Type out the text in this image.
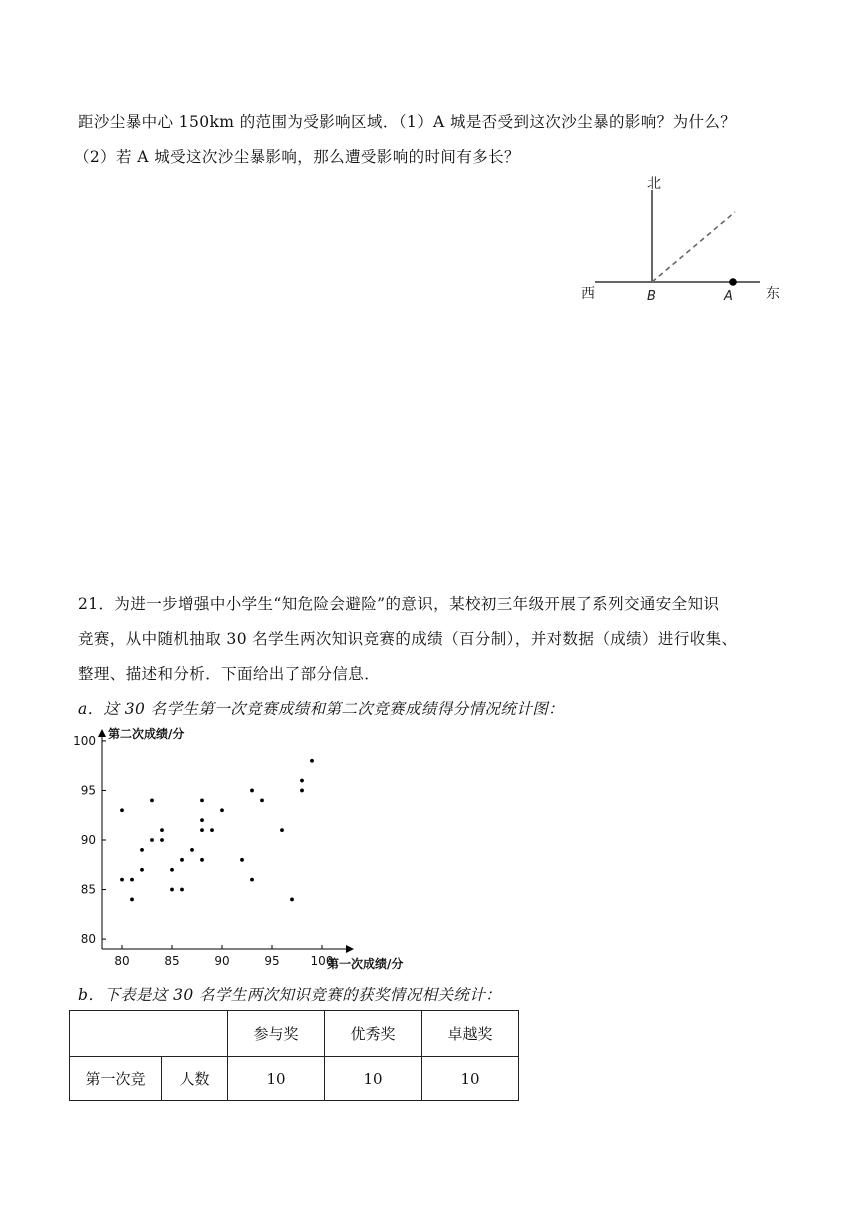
距沙尘暴中心 150km 的范围为受影响区域．（1）A 城是否受到这次沙尘暴的影响？为什么？
（2）若 A 城受这次沙尘暴影响，那么遭受影响的时间有多长？
北
西	东
B	A
21．为进一步增强中小学生“知危险会避险”的意识，某校初三年级开展了系列交通安全知识
竞赛，从中随机抽取 30 名学生两次知识竞赛的成绩（百分制），并对数据（成绩）进行收集、
整理、描述和分析．下面给出了部分信息．
a．这 30 名学生第一次竞赛成绩和第二次竞赛成绩得分情况统计图：
第二次成绩/分
第一次成绩/分
80	85	90	95	100
80
85
90
95
100
b．下表是这 30 名学生两次知识竞赛的获奖情况相关统计：
		参与奖	优秀奖	卓越奖
第一次竞	人数	10	10	10
